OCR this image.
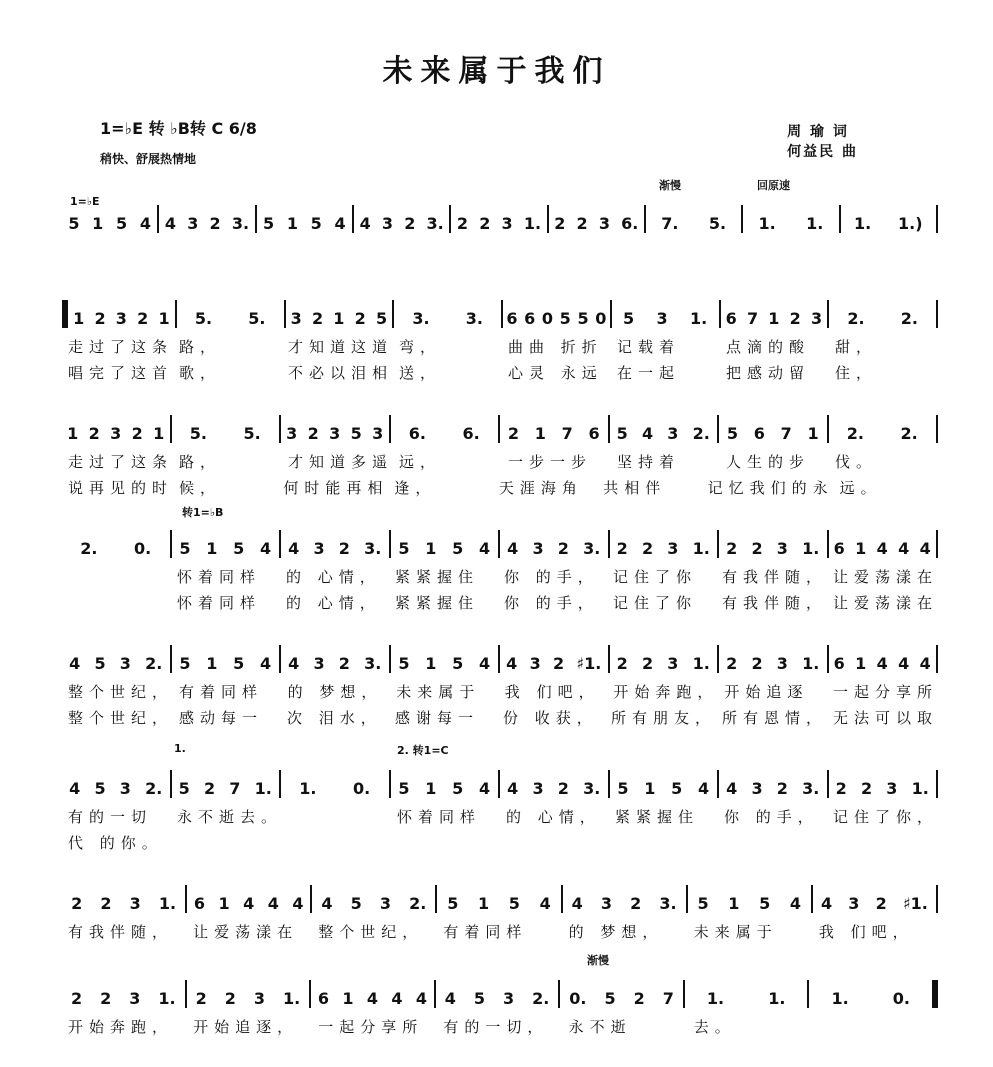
未来属于我们
1=♭E 转 ♭B转 C 6/8
稍快、舒展热情地
周 瑜 词
何益民 曲
1=♭E
渐慢	回原速
5 1 5 4 4 3 2 3. 5 1 5 4 4 3 2 3. 2 2 3 1. 2 2 3 6. 7. 5. 1. 1. 1. 1.)
1 2 3 2 1 5. 5. 3 2 1 2 5 3. 3. 6 6 0 5 5 0 5 3 1. 6 7 1 2 3 2. 2.
走过了这条 路，	才知道这道 弯，	曲曲 折折 记载着	点滴的酸	甜，
唱完了这首 歌，	不必以泪相 送，	心灵 永远 在一起	把感动留	住，
1 2 3 2 1 5. 5. 3 2 3 5 3 6. 6. 2 1 7 6 5 4 3 2. 5 6 7 1 2. 2.
走过了这条 路，	才知道多遥 远，	一步一步	坚持着	人生的步	伐。
说再见的时 候，	何时能再相 逢，	天涯海角	共相伴	记忆我们的永 远。
转1=♭B
2. 0. 5 1 5 4 4 3 2 3. 5 1 5 4 4 3 2 3. 2 2 3 1. 2 2 3 1. 6 1 4 4 4
怀着同样	的 心情， 紧紧握住	你 的手， 记住了你	有我伴随， 让爱荡漾在
怀着同样	的 心情， 紧紧握住	你 的手， 记住了你	有我伴随， 让爱荡漾在
4 5 3 2. 5 1 5 4 4 3 2 3. 5 1 5 4 4 3 2 ♯1. 2 2 3 1. 2 2 3 1. 6 1 4 4 4
整个世纪， 有着同样	的 梦想， 未来属于	我 们吧， 开始奔跑， 开始追逐	一起分享所
整个世纪， 感动每一	次 泪水， 感谢每一	份 收获， 所有朋友， 所有恩情， 无法可以取
1.	2. 转1=C
4 5 3 2. 5 2 7 1. 1. 0. 5 1 5 4 4 3 2 3. 5 1 5 4 4 3 2 3. 2 2 3 1.
有的一切	永不逝去。	怀着同样	的 心情， 紧紧握住	你 的手， 记住了你，
代 的你。
2 2 3 1. 6 1 4 4 4 4 5 3 2. 5 1 5 4 4 3 2 3. 5 1 5 4 4 3 2 ♯1.
有我伴随，	让爱荡漾在	整个世纪，	有着同样	的 梦想，	未来属于	我 们吧，
渐慢
2 2 3 1. 2 2 3 1. 6 1 4 4 4 4 5 3 2. 0. 5 2 7 1.	1.	1.	0.
开始奔跑，	开始追逐，	一起分享所	有的一切，	永不逝	去。
